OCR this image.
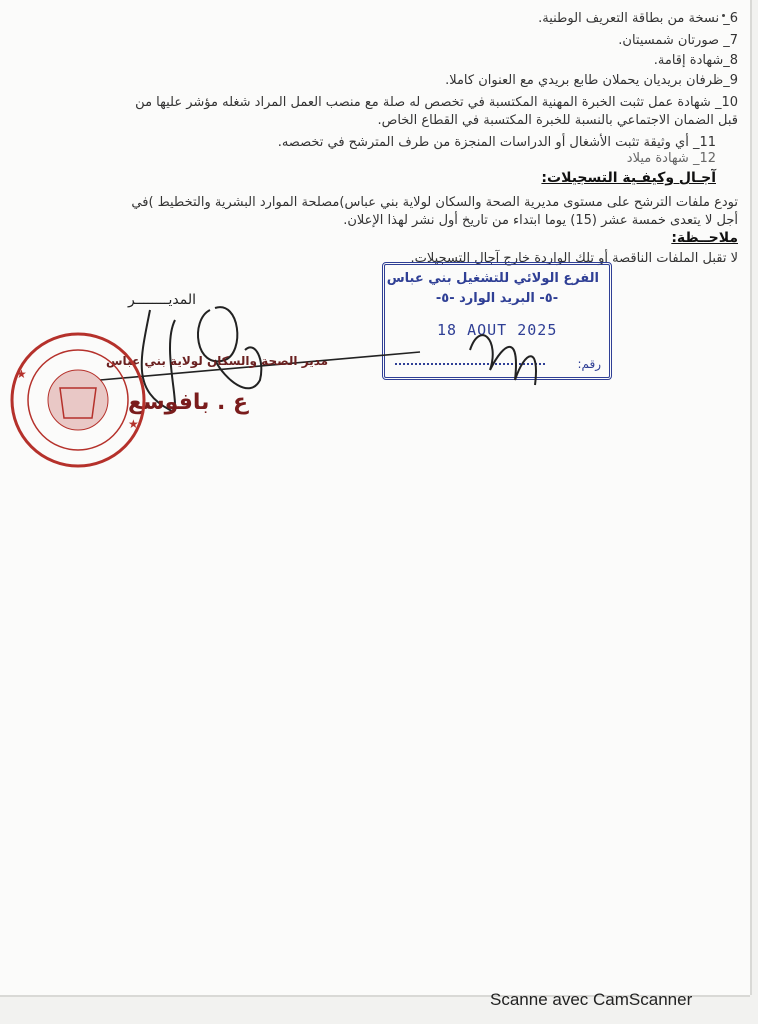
6_ نسخة من بطاقة التعريف الوطنية.
7_ صورتان شمسيتان.
8_شهادة إقامة.
9_ظرفان بريديان يحملان طابع بريدي مع العنوان كاملا.
10_ شهادة عمل تثبت الخبرة المهنية المكتسبة في تخصص له صلة مع منصب العمل المراد شغله مؤشر عليها من
قبل الضمان الاجتماعي بالنسبة للخبرة المكتسبة في القطاع الخاص.
11_ أي وثيقة تثبت الأشغال أو الدراسات المنجزة من طرف المترشح في تخصصه.
12_ شهادة ميلاد
آجـال وكيفـية التسجيلات:
تودع ملفات الترشح على مستوى مديرية الصحة والسكان لولاية بني عباس)مصلحة الموارد البشرية والتخطيط )في
أجل لا يتعدى خمسة عشر (15) يوما ابتداء من تاريخ أول نشر لهذا الإعلان.
ملاحــظة:
لا تقبل الملفات الناقصة أو تلك الواردة خارج آجال التسجيلات.
الفرع الولائي للتشغيل بني عباس
-٥- البريد الوارد -٥-
18 AOUT 2025
رقم:
المديــــــــر
مدير الصحة والسكان لولاية بني عباس
ع . بافوسع
★
★
Scanne avec CamScanner
